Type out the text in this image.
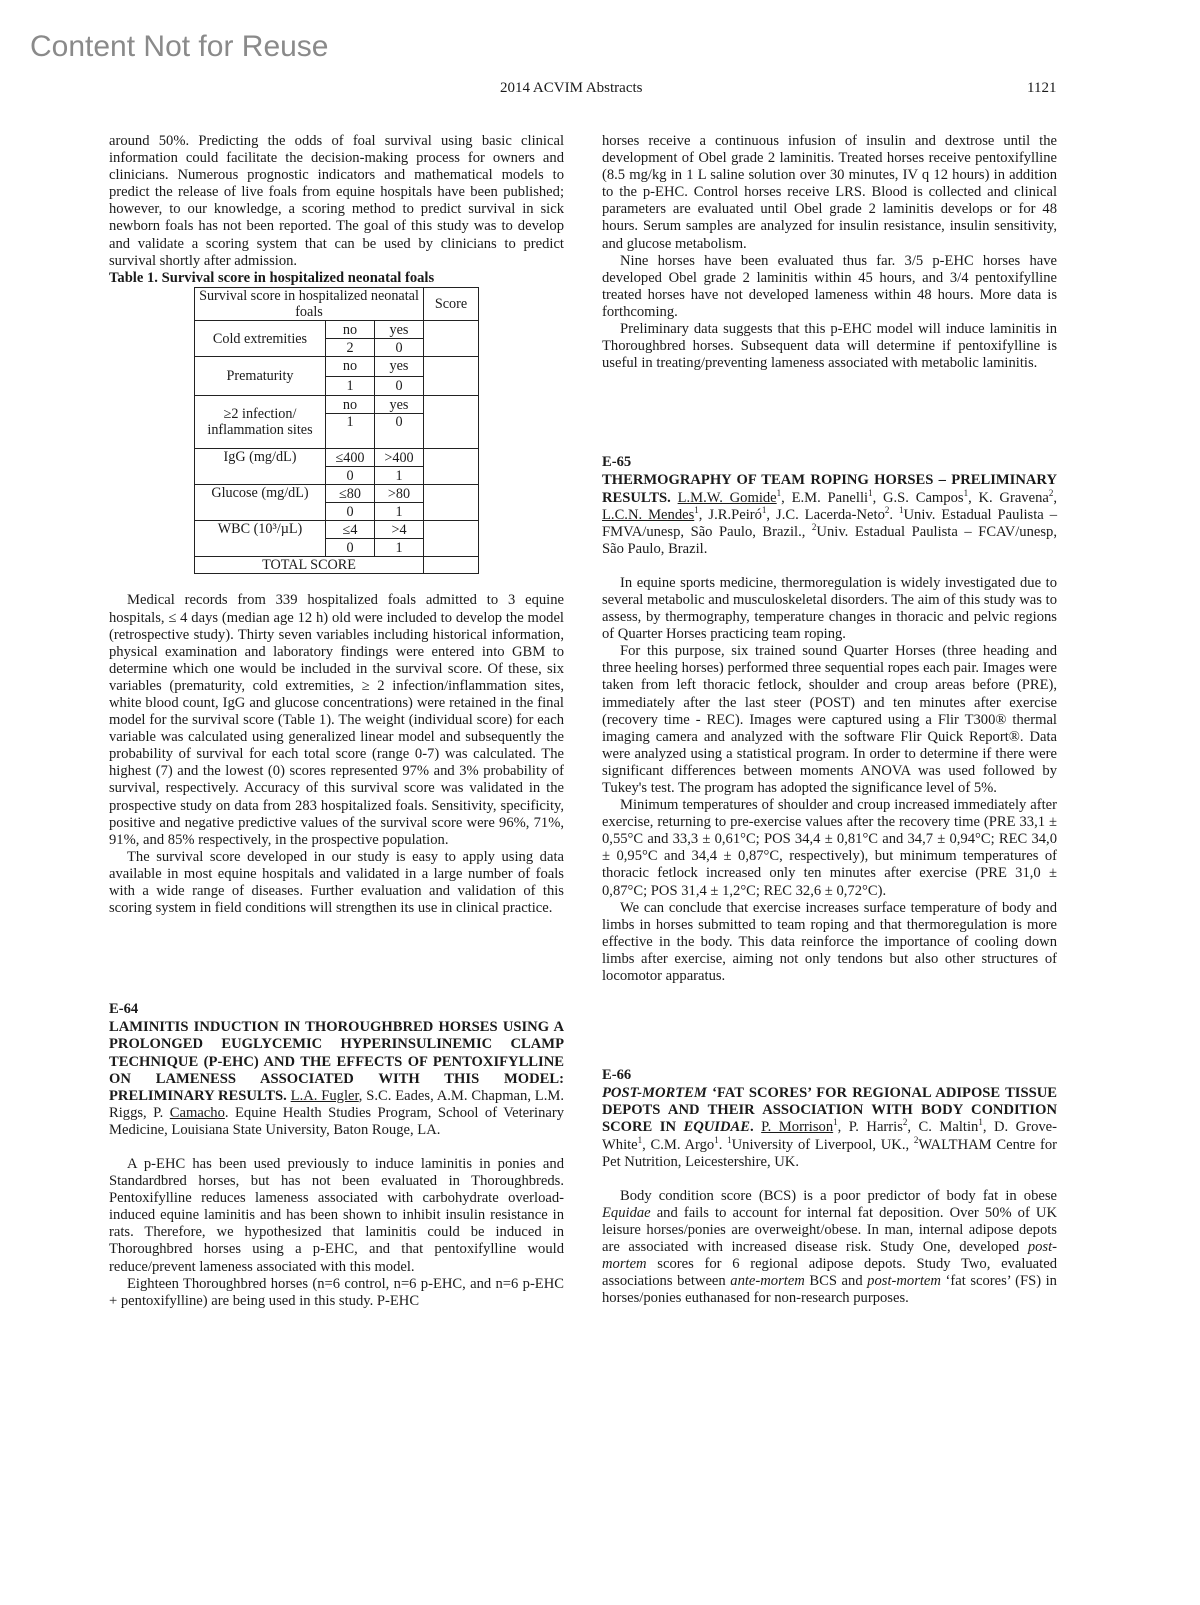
Content Not for Reuse
2014 ACVIM Abstracts	1121

around 50%. Predicting the odds of foal survival using basic clinical information could facilitate the decision-making process for owners and clinicians. Numerous prognostic indicators and mathematical models to predict the release of live foals from equine hospitals have been published; however, to our knowledge, a scoring method to predict survival in sick newborn foals has not been reported. The goal of this study was to develop and validate a scoring system that can be used by clinicians to predict survival shortly after admission.

Table 1. Survival score in hospitalized neonatal foals

Survival score in hospitalized neonatal foals			Score
Cold extremities	no	yes	
	2	0	
Prematurity	no	yes	
	1	0	
≥2 infection/ inflammation sites	no	yes	
	1	0	
IgG (mg/dL)	≤400	>400	
	0	1	
Glucose (mg/dL)	≤80	>80	
	0	1	
WBC (10³/µL)	≤4	>4	
	0	1	
TOTAL SCORE			

Medical records from 339 hospitalized foals admitted to 3 equine hospitals, ≤ 4 days (median age 12 h) old were included to develop the model (retrospective study). Thirty seven variables including historical information, physical examination and laboratory findings were entered into GBM to determine which one would be included in the survival score. Of these, six variables (prematurity, cold extremities, ≥ 2 infection/inflammation sites, white blood count, IgG and glucose concentrations) were retained in the final model for the survival score (Table 1). The weight (individual score) for each variable was calculated using generalized linear model and subsequently the probability of survival for each total score (range 0-7) was calculated. The highest (7) and the lowest (0) scores represented 97% and 3% probability of survival, respectively. Accuracy of this survival score was validated in the prospective study on data from 283 hospitalized foals. Sensitivity, specificity, positive and negative predictive values of the survival score were 96%, 71%, 91%, and 85% respectively, in the prospective population.

The survival score developed in our study is easy to apply using data available in most equine hospitals and validated in a large number of foals with a wide range of diseases. Further evaluation and validation of this scoring system in field conditions will strengthen its use in clinical practice.

E-64

LAMINITIS INDUCTION IN THOROUGHBRED HORSES USING A PROLONGED EUGLYCEMIC HYPERINSULINEMIC CLAMP TECHNIQUE (P-EHC) AND THE EFFECTS OF PENTOXIFYLLINE ON LAMENESS ASSOCIATED WITH THIS MODEL: PRELIMINARY RESULTS. L.A. Fugler, S.C. Eades, A.M. Chapman, L.M. Riggs, P. Camacho. Equine Health Studies Program, School of Veterinary Medicine, Louisiana State University, Baton Rouge, LA.

A p-EHC has been used previously to induce laminitis in ponies and Standardbred horses, but has not been evaluated in Thoroughbreds. Pentoxifylline reduces lameness associated with carbohydrate overload-induced equine laminitis and has been shown to inhibit insulin resistance in rats. Therefore, we hypothesized that laminitis could be induced in Thoroughbred horses using a p-EHC, and that pentoxifylline would reduce/prevent lameness associated with this model.

Eighteen Thoroughbred horses (n=6 control, n=6 p-EHC, and n=6 p-EHC + pentoxifylline) are being used in this study. P-EHC

horses receive a continuous infusion of insulin and dextrose until the development of Obel grade 2 laminitis. Treated horses receive pentoxifylline (8.5 mg/kg in 1 L saline solution over 30 minutes, IV q 12 hours) in addition to the p-EHC. Control horses receive LRS. Blood is collected and clinical parameters are evaluated until Obel grade 2 laminitis develops or for 48 hours. Serum samples are analyzed for insulin resistance, insulin sensitivity, and glucose metabolism.

Nine horses have been evaluated thus far. 3/5 p-EHC horses have developed Obel grade 2 laminitis within 45 hours, and 3/4 pentoxifylline treated horses have not developed lameness within 48 hours. More data is forthcoming.

Preliminary data suggests that this p-EHC model will induce laminitis in Thoroughbred horses. Subsequent data will determine if pentoxifylline is useful in treating/preventing lameness associated with metabolic laminitis.

E-65

THERMOGRAPHY OF TEAM ROPING HORSES – PRELIMINARY RESULTS. L.M.W. Gomide$^1$, E.M. Panelli$^1$, G.S. Campos$^1$, K. Gravena$^2$, L.C.N. Mendes$^1$, J.R.Peiró$^1$, J.C. Lacerda-Neto$^2$. $^1$Univ. Estadual Paulista – FMVA/unesp, São Paulo, Brazil., $^2$Univ. Estadual Paulista – FCAV/unesp, São Paulo, Brazil.

In equine sports medicine, thermoregulation is widely investigated due to several metabolic and musculoskeletal disorders. The aim of this study was to assess, by thermography, temperature changes in thoracic and pelvic regions of Quarter Horses practicing team roping.

For this purpose, six trained sound Quarter Horses (three heading and three heeling horses) performed three sequential ropes each pair. Images were taken from left thoracic fetlock, shoulder and croup areas before (PRE), immediately after the last steer (POST) and ten minutes after exercise (recovery time - REC). Images were captured using a Flir T300® thermal imaging camera and analyzed with the software Flir Quick Report®. Data were analyzed using a statistical program. In order to determine if there were significant differences between moments ANOVA was used followed by Tukey's test. The program has adopted the significance level of 5%.

Minimum temperatures of shoulder and croup increased immediately after exercise, returning to pre-exercise values after the recovery time (PRE 33,1 ± 0,55°C and 33,3 ± 0,61°C; POS 34,4 ± 0,81°C and 34,7 ± 0,94°C; REC 34,0 ± 0,95°C and 34,4 ± 0,87°C, respectively), but minimum temperatures of thoracic fetlock increased only ten minutes after exercise (PRE 31,0 ± 0,87°C; POS 31,4 ± 1,2°C; REC 32,6 ± 0,72°C).

We can conclude that exercise increases surface temperature of body and limbs in horses submitted to team roping and that thermoregulation is more effective in the body. This data reinforce the importance of cooling down limbs after exercise, aiming not only tendons but also other structures of locomotor apparatus.

E-66

POST-MORTEM ‘FAT SCORES’ FOR REGIONAL ADIPOSE TISSUE DEPOTS AND THEIR ASSOCIATION WITH BODY CONDITION SCORE IN EQUIDAE. P. Morrison$^1$, P. Harris$^2$, C. Maltin$^1$, D. Grove-White$^1$, C.M. Argo$^1$. $^1$University of Liverpool, UK., $^2$WALTHAM Centre for Pet Nutrition, Leicestershire, UK.

Body condition score (BCS) is a poor predictor of body fat in obese Equidae and fails to account for internal fat deposition. Over 50% of UK leisure horses/ponies are overweight/obese. In man, internal adipose depots are associated with increased disease risk. Study One, developed post-mortem scores for 6 regional adipose depots. Study Two, evaluated associations between ante-mortem BCS and post-mortem ‘fat scores’ (FS) in horses/ponies euthanased for non-research purposes.
